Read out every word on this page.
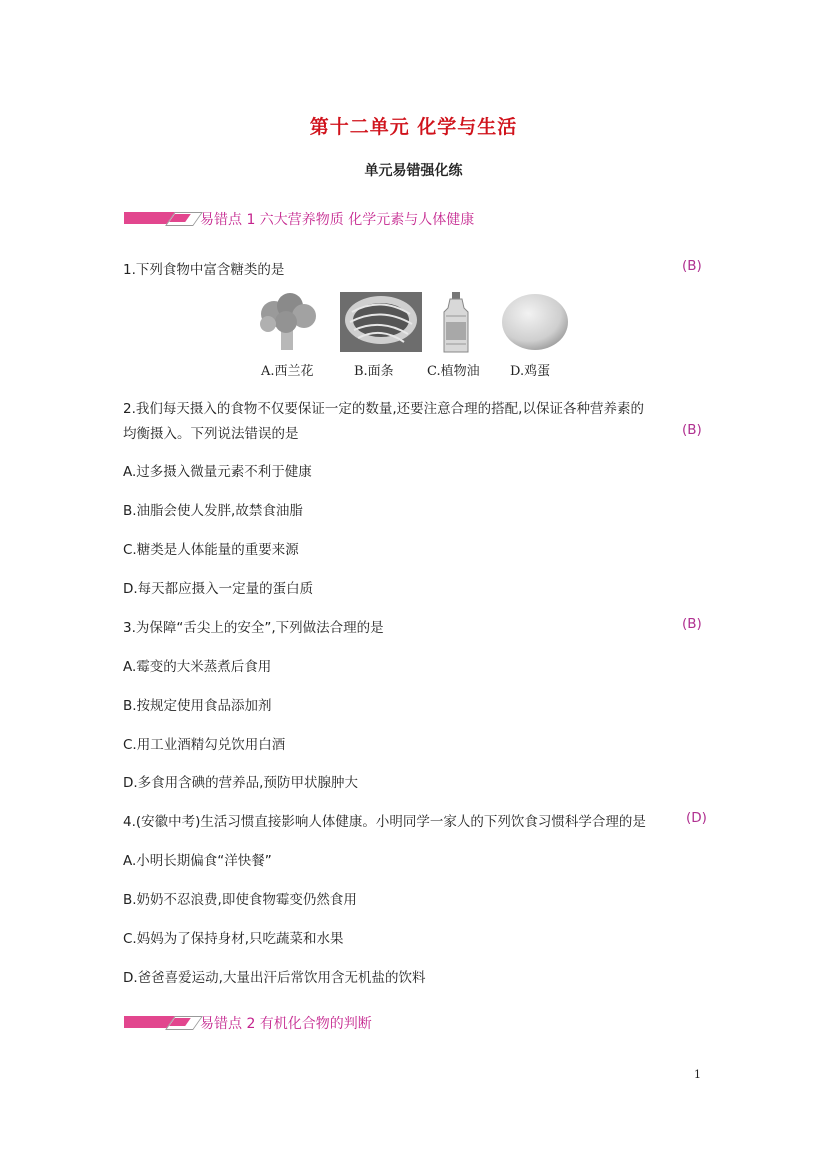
第十二单元 化学与生活
单元易错强化练
易错点 1 六大营养物质 化学元素与人体健康
1.下列食物中富含糖类的是	(B)
A.西兰花	B.面条	C.植物油 D.鸡蛋
2.我们每天摄入的食物不仅要保证一定的数量,还要注意合理的搭配,以保证各种营养素的
均衡摄入。下列说法错误的是	(B)
A.过多摄入微量元素不利于健康
B.油脂会使人发胖,故禁食油脂
C.糖类是人体能量的重要来源
D.每天都应摄入一定量的蛋白质
3.为保障“舌尖上的安全”,下列做法合理的是	(B)
A.霉变的大米蒸煮后食用
B.按规定使用食品添加剂
C.用工业酒精勾兑饮用白酒
D.多食用含碘的营养品,预防甲状腺肿大
4.(安徽中考)生活习惯直接影响人体健康。小明同学一家人的下列饮食习惯科学合理的是	(D)
A.小明长期偏食“洋快餐”
B.奶奶不忍浪费,即使食物霉变仍然食用
C.妈妈为了保持身材,只吃蔬菜和水果
D.爸爸喜爱运动,大量出汗后常饮用含无机盐的饮料
易错点 2 有机化合物的判断
1
